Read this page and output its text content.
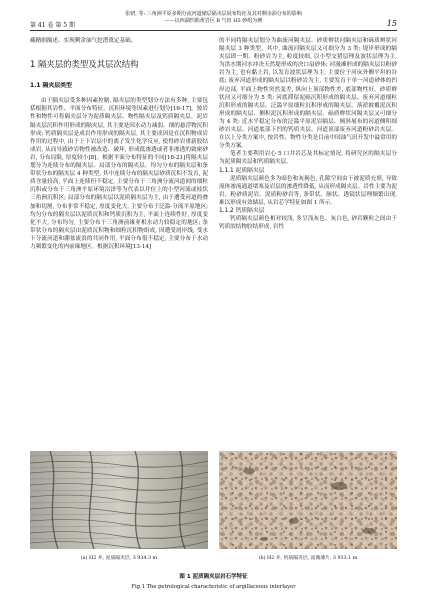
张研, 等: 三角洲平原多期分流河道储层隔夹层展布特征及其对剩余油分布的影响
——以西湖凹陷黄岩区 B 气田 H5 砂组为例
第 41 卷 第 5 期	15

藏精细描述、实现剩余油气挖潜奠定基础。

1 隔夹层的类型及其层次结构
1.1 隔夹层类型

由于隔夹层受多种因素控制, 隔夹层的类型划分方法有多种, 主要包括根据其岩性、平面分布特征、沉积环境等因素进行划分[16-17]。按岩性和物性可将隔夹层分为泥质隔夹层、物性隔夹层及钙质隔夹层。泥岩隔夹层沉积作用形成的隔夹层, 其主要是因水动力减弱、细的悬浮物沉积形成; 钙质隔夹层是成岩作用形成的隔夹层, 其主要成因是在沉积物成岩作用的过程中, 由于上下岩层中的离子发生化学反应, 使得砂岩重新胶结成岩, 从而导致砂岩物性被改造、破坏, 形成低渗透或者非渗透的致密砂岩, 分布局限, 厚度较小[8]。根据平面分布特征的不同[18-21]将隔夹层划分为连续分布的隔夹层、局部分布的隔夹层、均匀分布的隔夹层和条带状分布的隔夹层 4 种类型, 其中连续分布的隔夹层砂质沉积不发育, 泥质含量较高, 平面上连续但不稳定, 主要分布于三角洲分流河道间的细粒沉积或分布于三角洲平原环境沼泽等为代表以井位上的小型河流或枝状三角洲沉积区; 局部分布的隔夹层以泥质隔夹层为主, 由于遭受河道的叠加和切割, 分布非常不稳定, 厚度变化大, 主要分布于泛滥-分流平原地区; 均匀分布的隔夹层以泥质沉积和钙质沉积为主, 平面上连续性好, 厚度变化不大, 分布均匀, 主要分布于三角洲前缘亚相水动力较稳定的地区; 条带状分布的隔夹层由泥质沉积物和细粒沉积物组成, 因遭受屑岸线, 受水下分流河道和潮盆流浪的共同作用, 平面分布很不稳定, 主要分布于水动力频繁变化的内前缘地区。根据沉积环境[13-14]

的不同将隔夹层划分为曲流河隔夹层、砂质辫状河隔夹层和砾质辫状河隔夹层 3 种类型。其中, 曲流河隔夹层又可细分为 3 类: 堤岸形成的隔夹层即一期、粉砂岩为主, 粒度较细, 以小型交错层理及波状层理为主, 为洪水期河水冲决天然堤形成的决口扇砂体; 河漫滩形成的隔夹层以粉砂岩为主, 也有黏土岩, 以发育波状层理为主, 主要位于河床外侧平坦的谷底; 废弃河道形成的隔夹层以粉砂岩为主, 主要发育于单一河道砂体的凹岸边部, 平面上物性突然变差, 纵向上顶部物性差, 底部物性好。砂质辫状河又可细分为 5 类: 河底滞留泥砾沉积形成的隔夹层、废弃河道细粒沉积形成的隔夹层、泛滥平原细粒沉积形成的隔夹层、落淤披覆泥沉积形成的隔夹层、侧积泥沉积形成的隔夹层。砾质辫状河隔夹层又可细分为 4 类: 近水平稳定分布的泛滥平原泥岩隔层、倾斜展布的河道侧积细砂岩夹层、河道底部下凹的钙质夹层、河道顶部废弃河道粉砂岩夹层。在以上分类方案中, 按岩性、物性分类是目前中国油气田开发中最常用的分类方案。

笔者主要利用岩心 5 口井岩芯及其标定情况, 将研究区的隔夹层分为泥质隔夹层和钙质隔夹层。

1.1.1 泥质隔夹层

泥质隔夹层颜色多为暗色和灰褐色, 孔隙空间由于被泥质充填, 导致流体渗流通道堵塞及岩层的渗透性降低, 从而形成隔夹层。岩性主要为泥岩、粉砂质泥岩、泥质粉砂岩等, 条带状、脉状、透镜状层理频繁出现, 难以形成有效储层, 从岩芯学特征如图 1 所示。

1.1.2 钙质隔夹层

钙质隔夹层颜色相对较浅, 多呈浅灰色、灰白色, 砂岩颗粒之间由于钙质胶结物胶结形成, 岩性

(a) H2 井, 泥质隔夹层, 3 934.3 m	(b) H2 井, 钙质隔夹层, 富微薄片, 3 933.1 m
图 1 泥质隔夹层岩石学特征
Fig.1 The petrological characteristic of argillaceous interlayer
